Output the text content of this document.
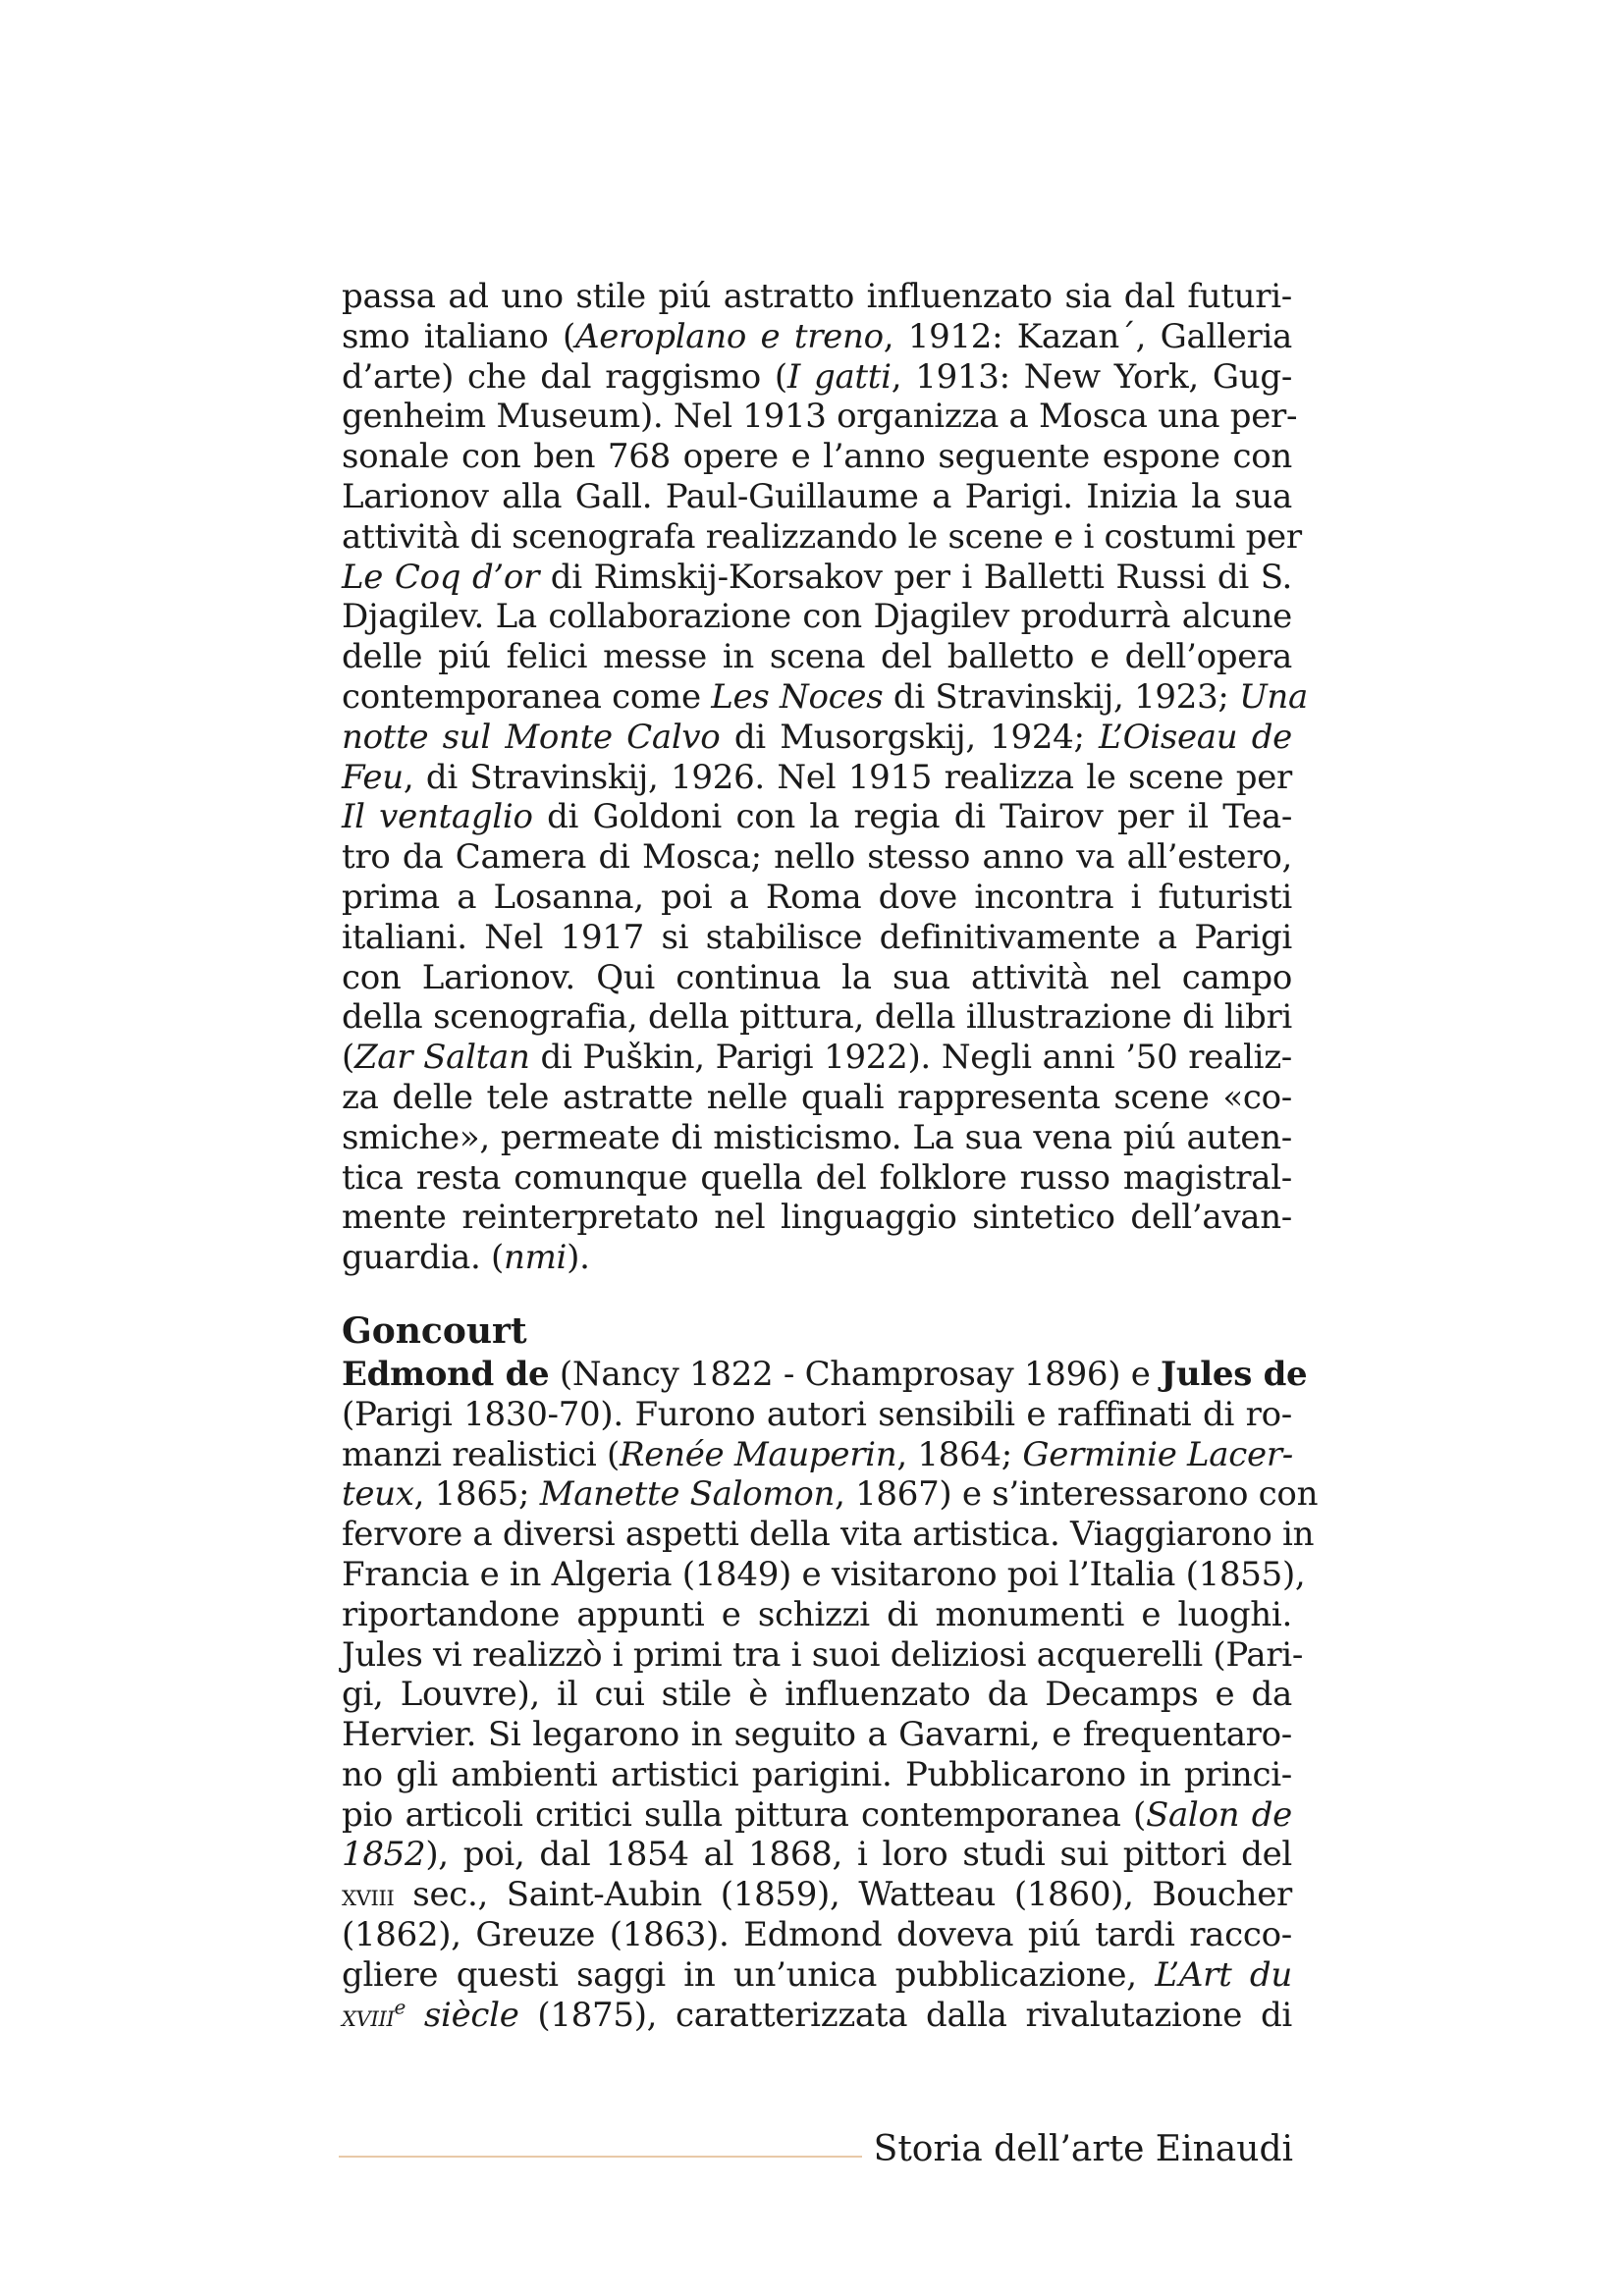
passa ad uno stile piú astratto influenzato sia dal futuri-
smo italiano (Aeroplano e treno, 1912: Kazan´, Galleria
d’arte) che dal raggismo (I gatti, 1913: New York, Gug-
genheim Museum). Nel 1913 organizza a Mosca una per-
sonale con ben 768 opere e l’anno seguente espone con
Larionov alla Gall. Paul-Guillaume a Parigi. Inizia la sua
attività di scenografa realizzando le scene e i costumi per
Le Coq d’or di Rimskij-Korsakov per i Balletti Russi di S.
Djagilev. La collaborazione con Djagilev produrrà alcune
delle piú felici messe in scena del balletto e dell’opera
contemporanea come Les Noces di Stravinskij, 1923; Una
notte sul Monte Calvo di Musorgskij, 1924; L’Oiseau de
Feu, di Stravinskij, 1926. Nel 1915 realizza le scene per
Il ventaglio di Goldoni con la regia di Tairov per il Tea-
tro da Camera di Mosca; nello stesso anno va all’estero,
prima a Losanna, poi a Roma dove incontra i futuristi
italiani. Nel 1917 si stabilisce definitivamente a Parigi
con Larionov. Qui continua la sua attività nel campo
della scenografia, della pittura, della illustrazione di libri
(Zar Saltan di Puškin, Parigi 1922). Negli anni ’50 realiz-
za delle tele astratte nelle quali rappresenta scene «co-
smiche», permeate di misticismo. La sua vena piú auten-
tica resta comunque quella del folklore russo magistral-
mente reinterpretato nel linguaggio sintetico dell’avan-
guardia. (nmi).
Goncourt
Edmond de (Nancy 1822 - Champrosay 1896) e Jules de
(Parigi 1830-70). Furono autori sensibili e raffinati di ro-
manzi realistici (Renée Mauperin, 1864; Germinie Lacer-
teux, 1865; Manette Salomon, 1867) e s’interessarono con
fervore a diversi aspetti della vita artistica. Viaggiarono in
Francia e in Algeria (1849) e visitarono poi l’Italia (1855),
riportandone appunti e schizzi di monumenti e luoghi.
Jules vi realizzò i primi tra i suoi deliziosi acquerelli (Pari-
gi, Louvre), il cui stile è influenzato da Decamps e da
Hervier. Si legarono in seguito a Gavarni, e frequentaro-
no gli ambienti artistici parigini. Pubblicarono in princi-
pio articoli critici sulla pittura contemporanea (Salon de
1852), poi, dal 1854 al 1868, i loro studi sui pittori del
xviii sec., Saint-Aubin (1859), Watteau (1860), Boucher
(1862), Greuze (1863). Edmond doveva piú tardi racco-
gliere questi saggi in un’unica pubblicazione, L’Art du
xviii$^e$ siècle (1875), caratterizzata dalla rivalutazione di
Storia dell’arte Einaudi
